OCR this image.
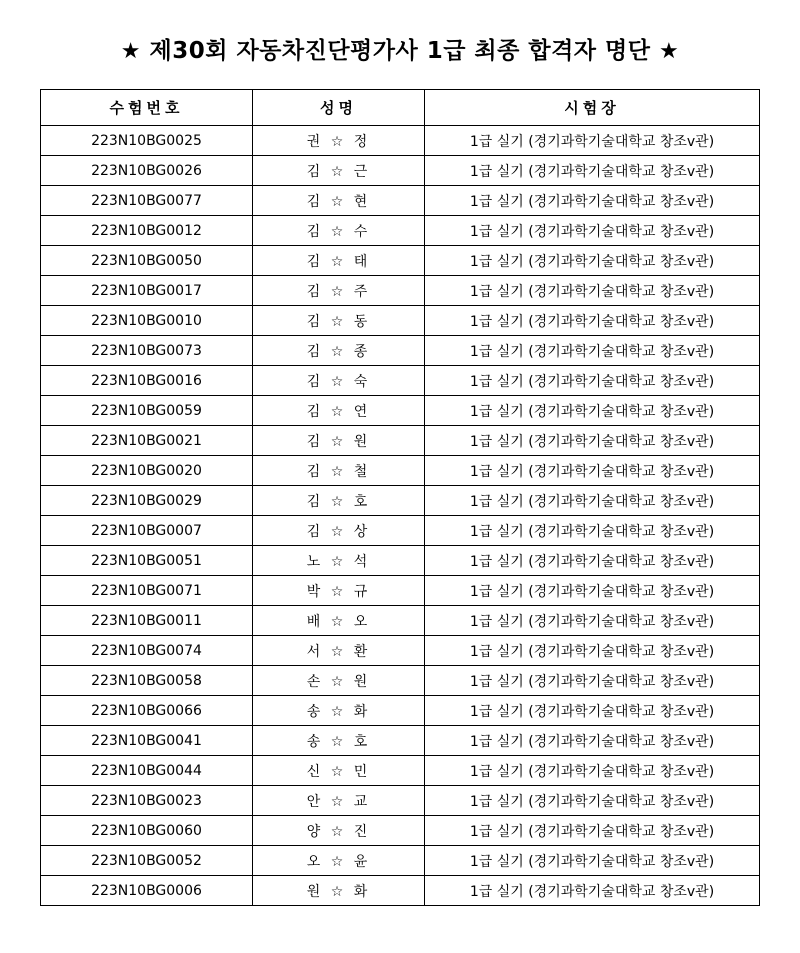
★ 제30회 자동차진단평가사 1급 최종 합격자 명단 ★
수험번호	성명	시험장
223N10BG0025	권 ☆ 정	1급 실기 (경기과학기술대학교 창조v관)
223N10BG0026	김 ☆ 근	1급 실기 (경기과학기술대학교 창조v관)
223N10BG0077	김 ☆ 현	1급 실기 (경기과학기술대학교 창조v관)
223N10BG0012	김 ☆ 수	1급 실기 (경기과학기술대학교 창조v관)
223N10BG0050	김 ☆ 태	1급 실기 (경기과학기술대학교 창조v관)
223N10BG0017	김 ☆ 주	1급 실기 (경기과학기술대학교 창조v관)
223N10BG0010	김 ☆ 동	1급 실기 (경기과학기술대학교 창조v관)
223N10BG0073	김 ☆ 종	1급 실기 (경기과학기술대학교 창조v관)
223N10BG0016	김 ☆ 숙	1급 실기 (경기과학기술대학교 창조v관)
223N10BG0059	김 ☆ 연	1급 실기 (경기과학기술대학교 창조v관)
223N10BG0021	김 ☆ 원	1급 실기 (경기과학기술대학교 창조v관)
223N10BG0020	김 ☆ 철	1급 실기 (경기과학기술대학교 창조v관)
223N10BG0029	김 ☆ 호	1급 실기 (경기과학기술대학교 창조v관)
223N10BG0007	김 ☆ 상	1급 실기 (경기과학기술대학교 창조v관)
223N10BG0051	노 ☆ 석	1급 실기 (경기과학기술대학교 창조v관)
223N10BG0071	박 ☆ 규	1급 실기 (경기과학기술대학교 창조v관)
223N10BG0011	배 ☆ 오	1급 실기 (경기과학기술대학교 창조v관)
223N10BG0074	서 ☆ 환	1급 실기 (경기과학기술대학교 창조v관)
223N10BG0058	손 ☆ 원	1급 실기 (경기과학기술대학교 창조v관)
223N10BG0066	송 ☆ 화	1급 실기 (경기과학기술대학교 창조v관)
223N10BG0041	송 ☆ 호	1급 실기 (경기과학기술대학교 창조v관)
223N10BG0044	신 ☆ 민	1급 실기 (경기과학기술대학교 창조v관)
223N10BG0023	안 ☆ 교	1급 실기 (경기과학기술대학교 창조v관)
223N10BG0060	양 ☆ 진	1급 실기 (경기과학기술대학교 창조v관)
223N10BG0052	오 ☆ 윤	1급 실기 (경기과학기술대학교 창조v관)
223N10BG0006	원 ☆ 화	1급 실기 (경기과학기술대학교 창조v관)
